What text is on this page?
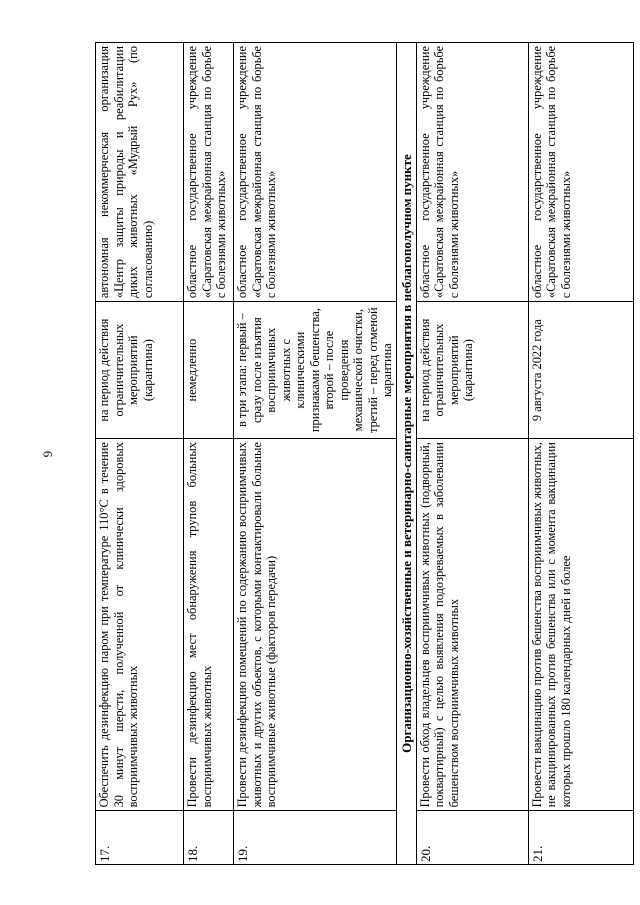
6
17.	Обеспечить дезинфекцию паром при температуре 110°С в течение 30 минут шерсти, полученной от клинически здоровых восприимчивых животных	на период действия ограничительных мероприятий (карантина)	автономная некоммерческая организация «Центр защиты природы и реабилитации диких животных «Мудрый Рух» (по согласованию)
18.	Провести дезинфекцию мест обнаружения трупов больных восприимчивых животных	немедленно	областное государственное учреждение «Саратовская межрайонная станция по борьбе с болезнями животных»
19.	Провести дезинфекцию помещений по содержанию восприимчивых животных и других объектов, с которыми контактировали больные восприимчивые животные (факторов передачи)	в три этапа: первый – сразу после изъятия восприимчивых животных с клиническими признаками бешенства, второй – после проведения механической очистки, третий – перед отменой карантина	областное государственное учреждение «Саратовская межрайонная станция по борьбе с болезнями животных»
Организационно-хозяйственные и ветеринарно-санитарные мероприятия в неблагополучном пункте			
20.	Провести обход владельцев восприимчивых животных (подворный, поквартирный) с целью выявления подозреваемых в заболевании бешенством восприимчивых животных	на период действия ограничительных мероприятий (карантина)	областное государственное учреждение «Саратовская межрайонная станция по борьбе с болезнями животных»
21.	Провести вакцинацию против бешенства восприимчивых животных, не вакцинированных против бешенства или с момента вакцинации которых прошло 180 календарных дней и более	9 августа 2022 года	областное государственное учреждение «Саратовская межрайонная станция по борьбе с болезнями животных»
